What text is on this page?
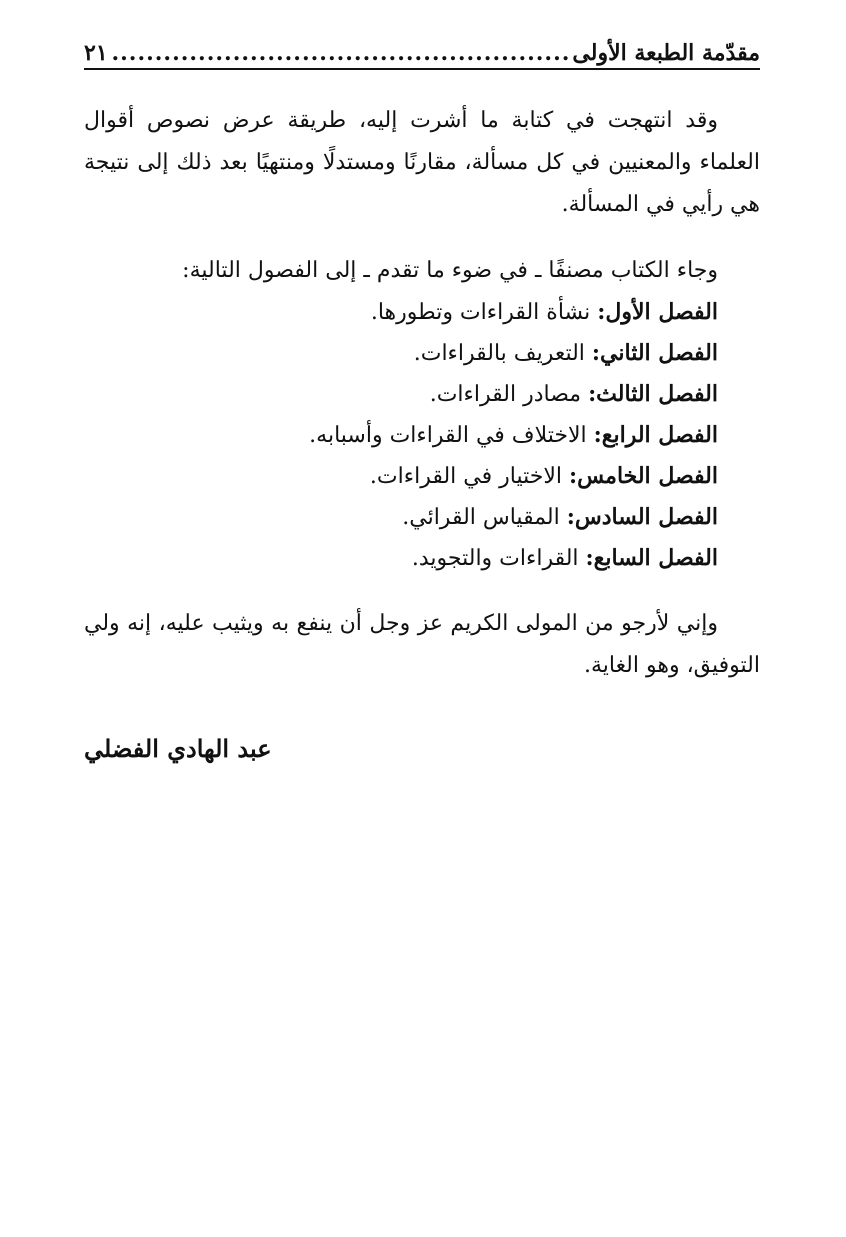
مقدّمة الطبعة الأولى
.....
٢١

وقد انتهجت في كتابة ما أشرت إليه، طريقة عرض نصوص أقوال العلماء والمعنيين في كل مسألة، مقارنًا ومستدلًا ومنتهيًا بعد ذلك إلى نتيجة هي رأيي في المسألة.

وجاء الكتاب مصنفًا ـ في ضوء ما تقدم ـ إلى الفصول التالية:

الفصل الأول: نشأة القراءات وتطورها.
الفصل الثاني: التعريف بالقراءات.
الفصل الثالث: مصادر القراءات.
الفصل الرابع: الاختلاف في القراءات وأسبابه.
الفصل الخامس: الاختيار في القراءات.
الفصل السادس: المقياس القرائي.
الفصل السابع: القراءات والتجويد.

وإني لأرجو من المولى الكريم عز وجل أن ينفع به ويثيب عليه، إنه ولي التوفيق، وهو الغاية.

عبد الهادي الفضلي
